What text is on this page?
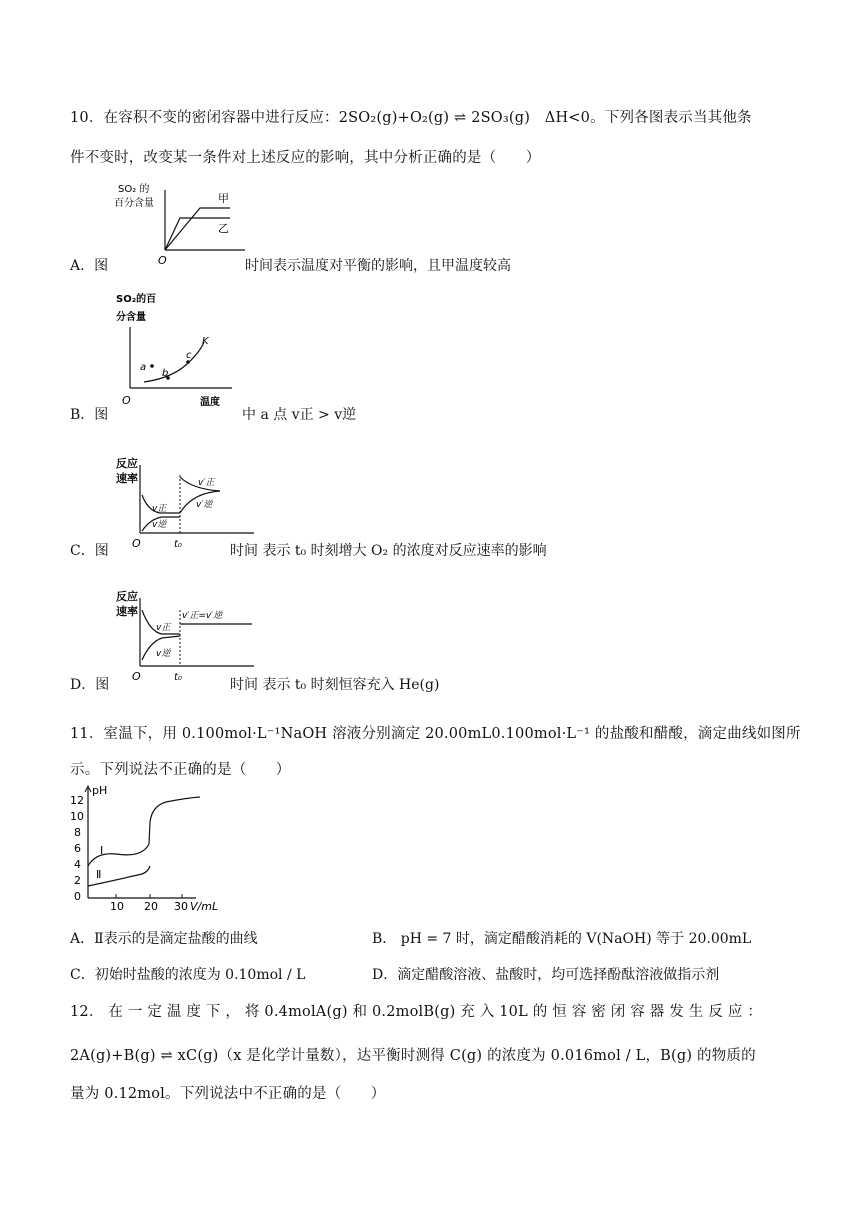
10．在容积不变的密闭容器中进行反应：2SO₂(g)+O₂(g) ⇌ 2SO₃(g)　ΔH<0。下列各图表示当其他条
件不变时，改变某一条件对上述反应的影响，其中分析正确的是（　　）
SO₂ 的
百分含量	甲
乙
O
A．图	时间表示温度对平衡的影响，且甲温度较高
SO₂的百
分含量
K
a
b
c
O	温度
B．图	中 a 点 v正 > v逆
反应
速率
v正
v逆
v′正
v′逆
O	t₀
C．图	时间 表示 t₀ 时刻增大 O₂ 的浓度对反应速率的影响
反应
速率
v正
v逆
v′正=v′逆
O	t₀
D．图	时间 表示 t₀ 时刻恒容充入 He(g)
11．室温下，用 0.100mol·L⁻¹NaOH 溶液分别滴定 20.00mL0.100mol·L⁻¹ 的盐酸和醋酸，滴定曲线如图所
示。下列说法不正确的是（　　）
pH
12
10
8
6
4
2
0
10 20 30 V/mL
I
Ⅱ
A．Ⅱ表示的是滴定盐酸的曲线	B． pH = 7 时，滴定醋酸消耗的 V(NaOH) 等于 20.00mL
C．初始时盐酸的浓度为 0.10mol / L	D．滴定醋酸溶液、盐酸时，均可选择酚酞溶液做指示剂
12． 在 一 定 温 度 下 ， 将 0.4molA(g) 和 0.2molB(g) 充 入 10L 的 恒 容 密 闭 容 器 发 生 反 应 ：
2A(g)+B(g) ⇌ xC(g)（x 是化学计量数），达平衡时测得 C(g) 的浓度为 0.016mol / L，B(g) 的物质的
量为 0.12mol。下列说法中不正确的是（　　）
